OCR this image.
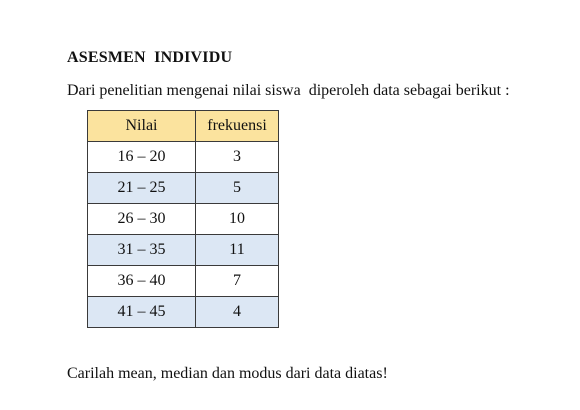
ASESMEN  INDIVIDU
Dari penelitian mengenai nilai siswa  diperoleh data sebagai berikut :
Nilai	frekuensi
16 – 20	3
21 – 25	5
26 – 30	10
31 – 35	11
36 – 40	7
41 – 45	4
Carilah mean, median dan modus dari data diatas!
